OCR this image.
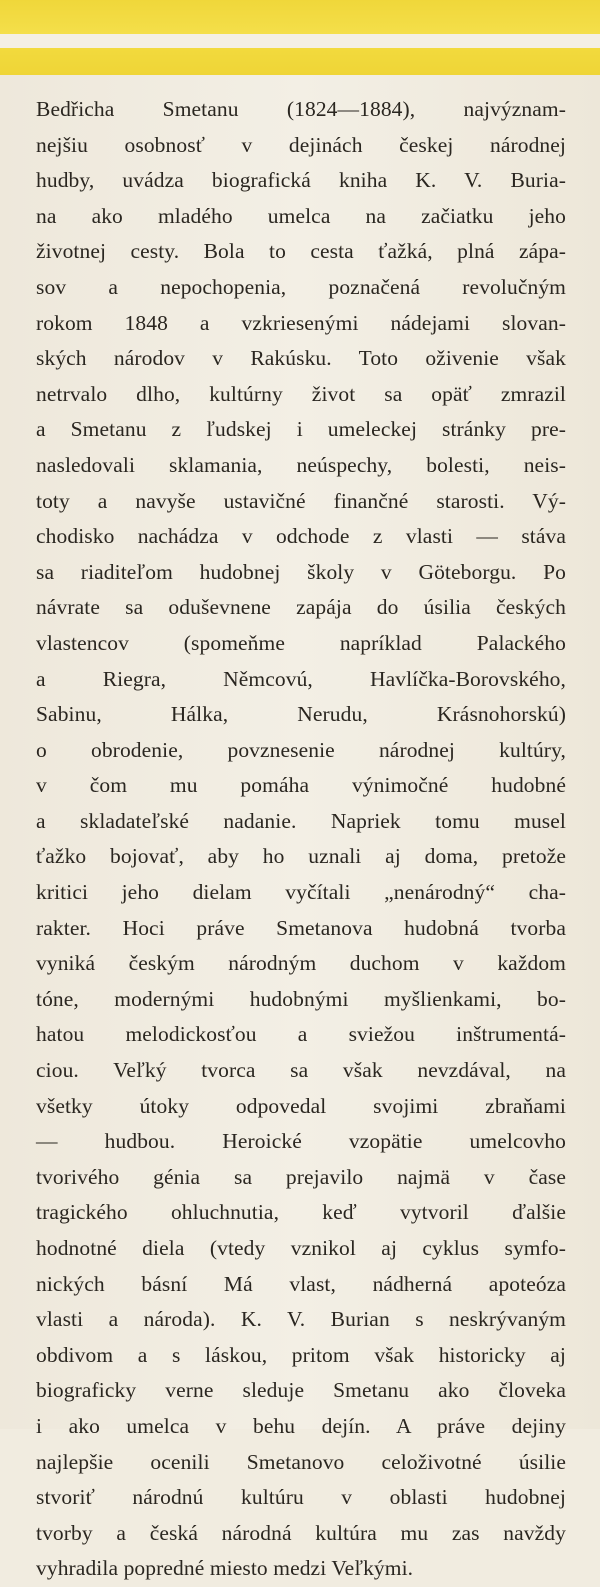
Bedřicha Smetanu (1824—1884), najvýznam-
nejšiu osobnosť v dejinách českej národnej
hudby, uvádza biografická kniha K. V. Buria-
na ako mladého umelca na začiatku jeho
životnej cesty. Bola to cesta ťažká, plná zápa-
sov a nepochopenia, poznačená revolučným
rokom 1848 a vzkriesenými nádejami slovan-
ských národov v Rakúsku. Toto oživenie však
netrvalo dlho, kultúrny život sa opäť zmrazil
a Smetanu z ľudskej i umeleckej stránky pre-
nasledovali sklamania, neúspechy, bolesti, neis-
toty a navyše ustavičné finančné starosti. Vý-
chodisko nachádza v odchode z vlasti — stáva
sa riaditeľom hudobnej školy v Göteborgu. Po
návrate sa oduševnene zapája do úsilia českých
vlastencov (spomeňme napríklad Palackého
a Riegra, Němcovú, Havlíčka-Borovského,
Sabinu, Hálka, Nerudu, Krásnohorskú)
o obrodenie, povznesenie národnej kultúry,
v čom mu pomáha výnimočné hudobné
a skladateľské nadanie. Napriek tomu musel
ťažko bojovať, aby ho uznali aj doma, pretože
kritici jeho dielam vyčítali „nenárodný“ cha-
rakter. Hoci práve Smetanova hudobná tvorba
vyniká českým národným duchom v každom
tóne, modernými hudobnými myšlienkami, bo-
hatou melodickosťou a sviežou inštrumentá-
ciou. Veľký tvorca sa však nevzdával, na
všetky útoky odpovedal svojimi zbraňami
— hudbou. Heroické vzopätie umelcovho
tvorivého génia sa prejavilo najmä v čase
tragického ohluchnutia, keď vytvoril ďalšie
hodnotné diela (vtedy vznikol aj cyklus symfo-
nických básní Má vlast, nádherná apoteóza
vlasti a národa). K. V. Burian s neskrývaným
obdivom a s láskou, pritom však historicky aj
biograficky verne sleduje Smetanu ako človeka
i ako umelca v behu dejín. A práve dejiny
najlepšie ocenili Smetanovo celoživotné úsilie
stvoriť národnú kultúru v oblasti hudobnej
tvorby a česká národná kultúra mu zas navždy
vyhradila popredné miesto medzi Veľkými.
